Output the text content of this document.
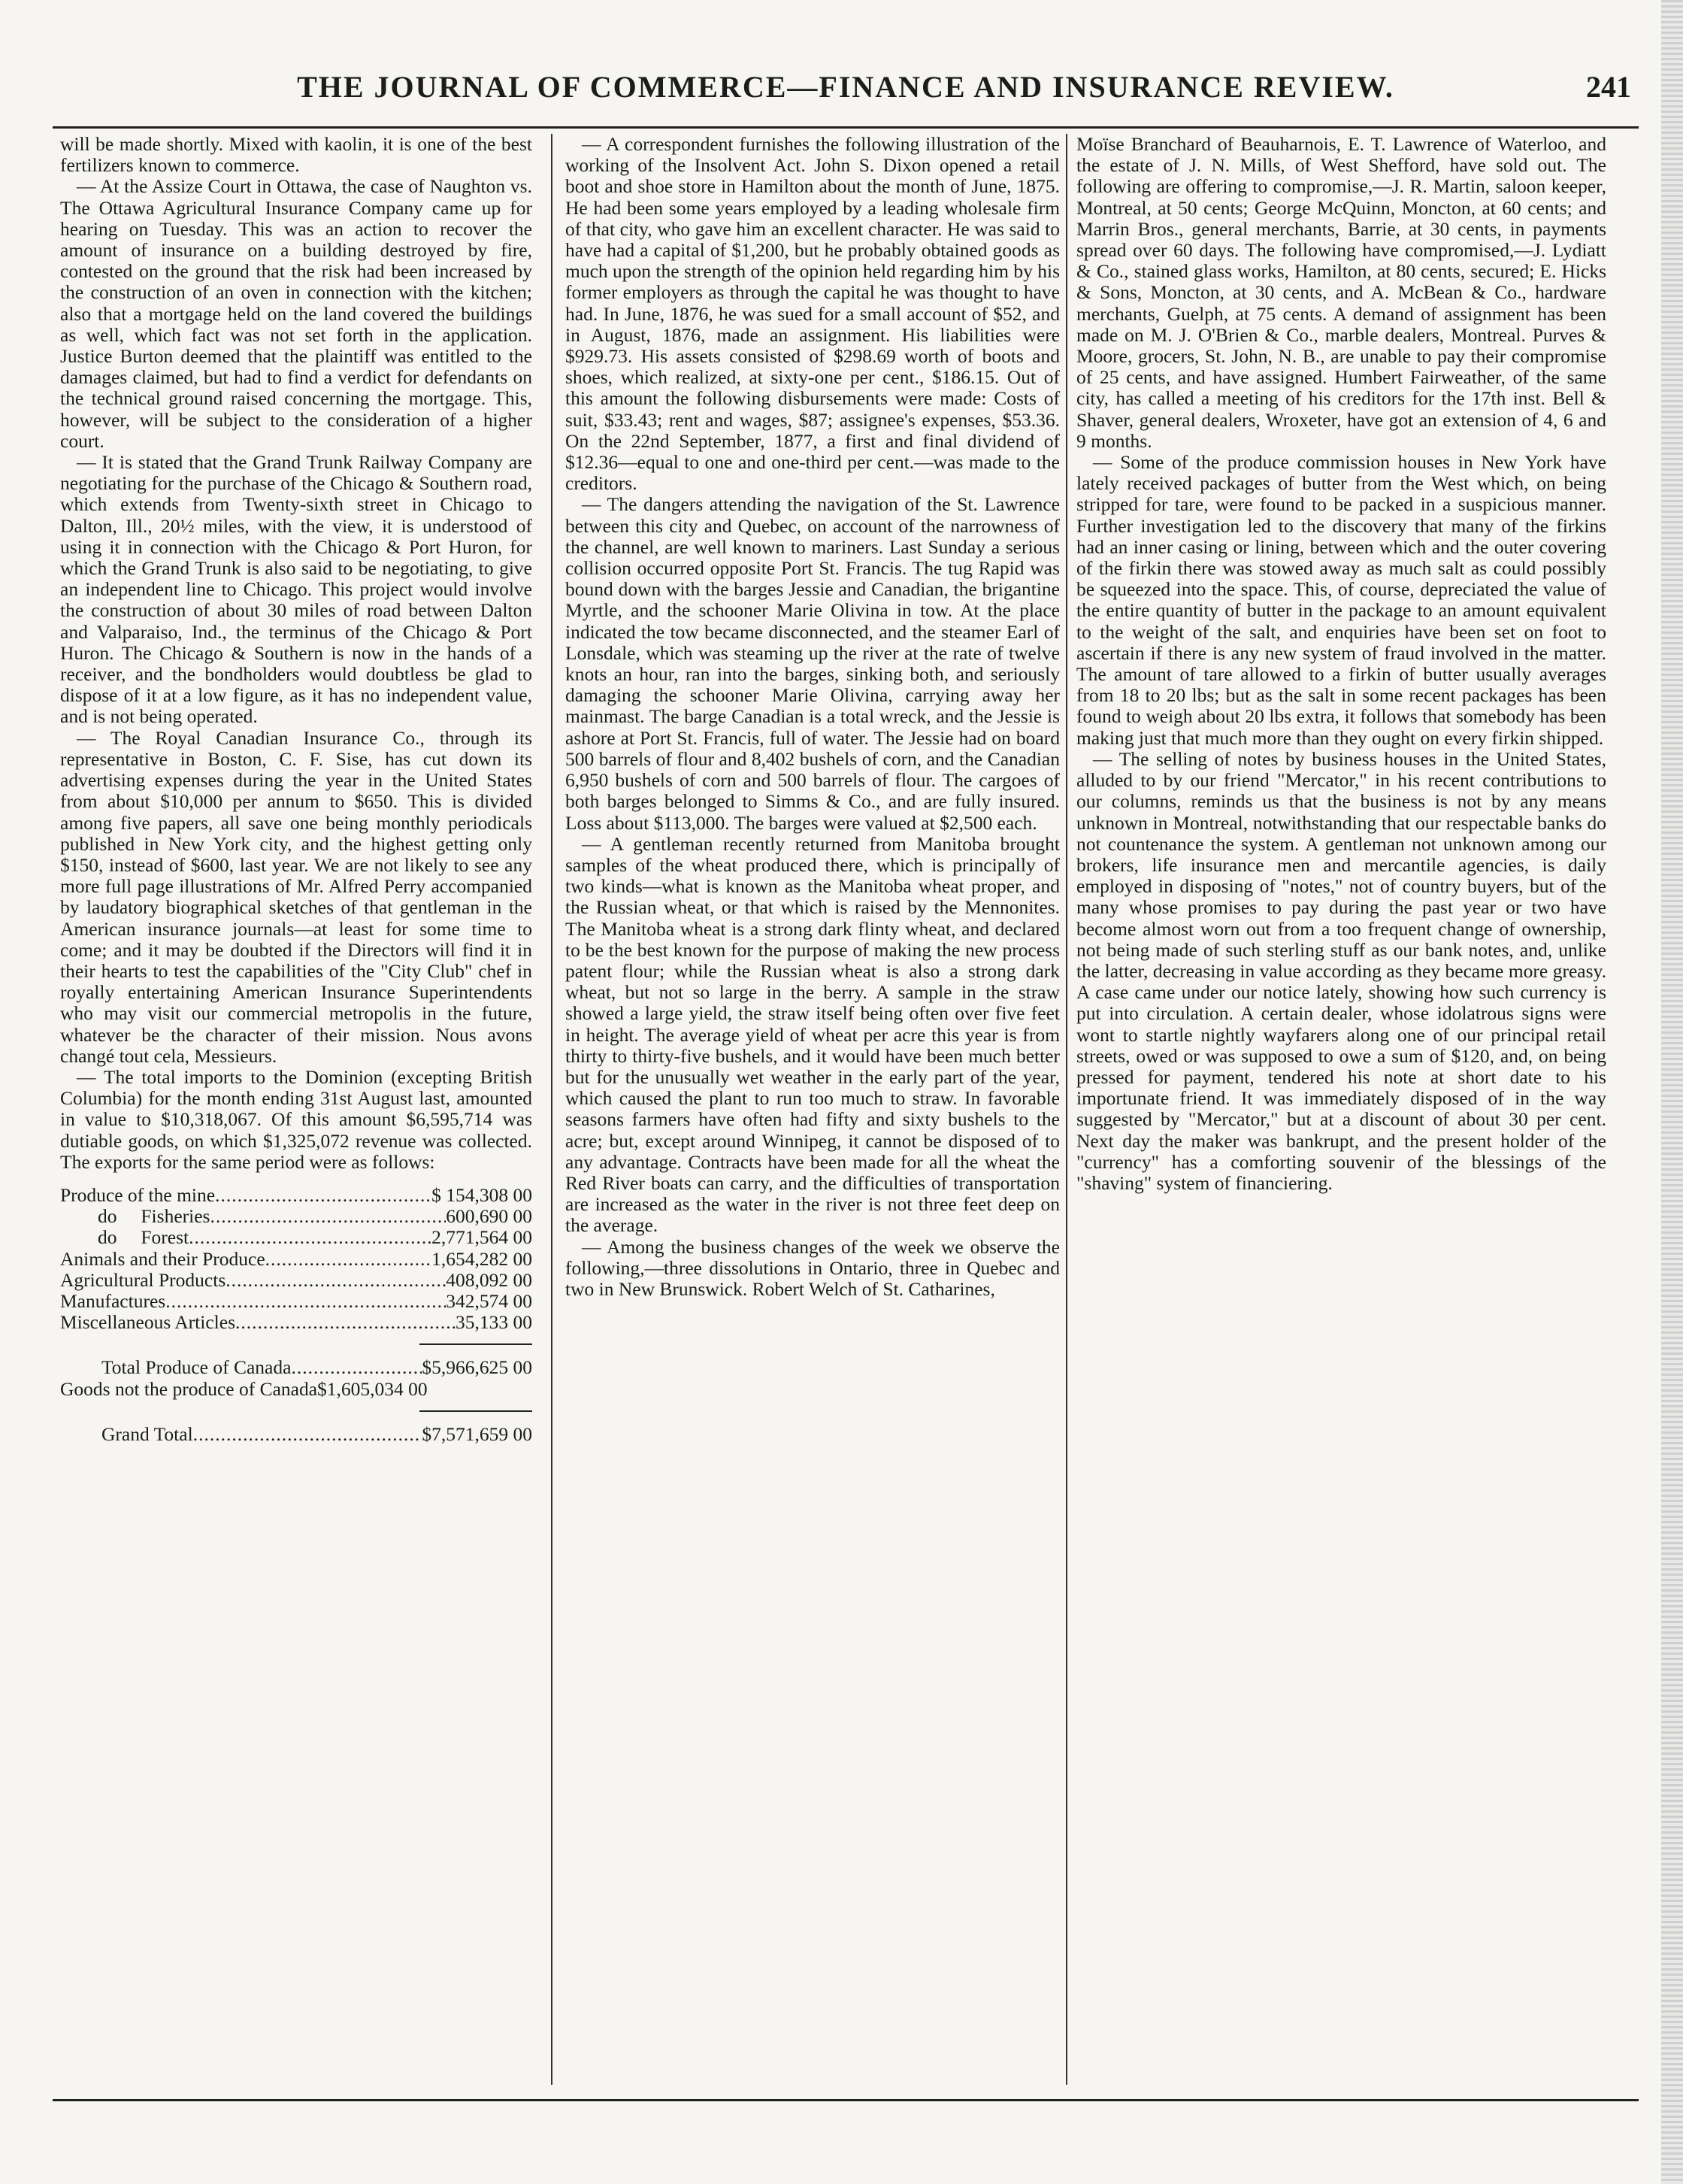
THE JOURNAL OF COMMERCE—FINANCE AND INSURANCE REVIEW.	241

will be made shortly. Mixed with kaolin, it is one of the best fertilizers known to commerce.

— At the Assize Court in Ottawa, the case of Naughton vs. The Ottawa Agricultural Insurance Company came up for hearing on Tuesday. This was an action to recover the amount of insurance on a building destroyed by fire, contested on the ground that the risk had been increased by the construction of an oven in connection with the kitchen; also that a mortgage held on the land covered the buildings as well, which fact was not set forth in the application. Justice Burton deemed that the plaintiff was entitled to the damages claimed, but had to find a verdict for defendants on the technical ground raised concerning the mortgage. This, however, will be subject to the consideration of a higher court.

— It is stated that the Grand Trunk Railway Company are negotiating for the purchase of the Chicago & Southern road, which extends from Twenty-sixth street in Chicago to Dalton, Ill., 20½ miles, with the view, it is understood of using it in connection with the Chicago & Port Huron, for which the Grand Trunk is also said to be negotiating, to give an independent line to Chicago. This project would involve the construction of about 30 miles of road between Dalton and Valparaiso, Ind., the terminus of the Chicago & Port Huron. The Chicago & Southern is now in the hands of a receiver, and the bondholders would doubtless be glad to dispose of it at a low figure, as it has no independent value, and is not being operated.

— The Royal Canadian Insurance Co., through its representative in Boston, C. F. Sise, has cut down its advertising expenses during the year in the United States from about $10,000 per annum to $650. This is divided among five papers, all save one being monthly periodicals published in New York city, and the highest getting only $150, instead of $600, last year. We are not likely to see any more full page illustrations of Mr. Alfred Perry accompanied by laudatory biographical sketches of that gentleman in the American insurance journals—at least for some time to come; and it may be doubted if the Directors will find it in their hearts to test the capabilities of the "City Club" chef in royally entertaining American Insurance Superintendents who may visit our commercial metropolis in the future, whatever be the character of their mission. Nous avons changé tout cela, Messieurs.

— The total imports to the Dominion (excepting British Columbia) for the month ending 31st August last, amounted in value to $10,318,067. Of this amount $6,595,714 was dutiable goods, on which $1,325,072 revenue was collected. The exports for the same period were as follows:

Produce of the mine .....	$ 154,308 00
do     Fisheries .....	600,690 00
do     Forest .....	2,771,564 00
Animals and their Produce .....	1,654,282 00
Agricultural Products .....	408,092 00
Manufactures .....	342,574 00
Miscellaneous Articles .....	35,133 00
Total Produce of Canada .....	$5,966,625 00
Goods not the produce of Canada $1,605,034 00
Grand Total .....	$7,571,659 00

— A correspondent furnishes the following illustration of the working of the Insolvent Act. John S. Dixon opened a retail boot and shoe store in Hamilton about the month of June, 1875. He had been some years employed by a leading wholesale firm of that city, who gave him an excellent character. He was said to have had a capital of $1,200, but he probably obtained goods as much upon the strength of the opinion held regarding him by his former employers as through the capital he was thought to have had. In June, 1876, he was sued for a small account of $52, and in August, 1876, made an assignment. His liabilities were $929.73. His assets consisted of $298.69 worth of boots and shoes, which realized, at sixty-one per cent., $186.15. Out of this amount the following disbursements were made: Costs of suit, $33.43; rent and wages, $87; assignee's expenses, $53.36. On the 22nd September, 1877, a first and final dividend of $12.36—equal to one and one-third per cent.—was made to the creditors.

— The dangers attending the navigation of the St. Lawrence between this city and Quebec, on account of the narrowness of the channel, are well known to mariners. Last Sunday a serious collision occurred opposite Port St. Francis. The tug Rapid was bound down with the barges Jessie and Canadian, the brigantine Myrtle, and the schooner Marie Olivina in tow. At the place indicated the tow became disconnected, and the steamer Earl of Lonsdale, which was steaming up the river at the rate of twelve knots an hour, ran into the barges, sinking both, and seriously damaging the schooner Marie Olivina, carrying away her mainmast. The barge Canadian is a total wreck, and the Jessie is ashore at Port St. Francis, full of water. The Jessie had on board 500 barrels of flour and 8,402 bushels of corn, and the Canadian 6,950 bushels of corn and 500 barrels of flour. The cargoes of both barges belonged to Simms & Co., and are fully insured. Loss about $113,000. The barges were valued at $2,500 each.

— A gentleman recently returned from Manitoba brought samples of the wheat produced there, which is principally of two kinds—what is known as the Manitoba wheat proper, and the Russian wheat, or that which is raised by the Mennonites. The Manitoba wheat is a strong dark flinty wheat, and declared to be the best known for the purpose of making the new process patent flour; while the Russian wheat is also a strong dark wheat, but not so large in the berry. A sample in the straw showed a large yield, the straw itself being often over five feet in height. The average yield of wheat per acre this year is from thirty to thirty-five bushels, and it would have been much better but for the unusually wet weather in the early part of the year, which caused the plant to run too much to straw. In favorable seasons farmers have often had fifty and sixty bushels to the acre; but, except around Winnipeg, it cannot be disposed of to any advantage. Contracts have been made for all the wheat the Red River boats can carry, and the difficulties of transportation are increased as the water in the river is not three feet deep on the average.

— Among the business changes of the week we observe the following,—three dissolutions in Ontario, three in Quebec and two in New Brunswick. Robert Welch of St. Catharines,

Moïse Branchard of Beauharnois, E. T. Lawrence of Waterloo, and the estate of J. N. Mills, of West Shefford, have sold out. The following are offering to compromise,—J. R. Martin, saloon keeper, Montreal, at 50 cents; George McQuinn, Moncton, at 60 cents; and Marrin Bros., general merchants, Barrie, at 30 cents, in payments spread over 60 days. The following have compromised,—J. Lydiatt & Co., stained glass works, Hamilton, at 80 cents, secured; E. Hicks & Sons, Moncton, at 30 cents, and A. McBean & Co., hardware merchants, Guelph, at 75 cents. A demand of assignment has been made on M. J. O'Brien & Co., marble dealers, Montreal. Purves & Moore, grocers, St. John, N. B., are unable to pay their compromise of 25 cents, and have assigned. Humbert Fairweather, of the same city, has called a meeting of his creditors for the 17th inst. Bell & Shaver, general dealers, Wroxeter, have got an extension of 4, 6 and 9 months.

— Some of the produce commission houses in New York have lately received packages of butter from the West which, on being stripped for tare, were found to be packed in a suspicious manner. Further investigation led to the discovery that many of the firkins had an inner casing or lining, between which and the outer covering of the firkin there was stowed away as much salt as could possibly be squeezed into the space. This, of course, depreciated the value of the entire quantity of butter in the package to an amount equivalent to the weight of the salt, and enquiries have been set on foot to ascertain if there is any new system of fraud involved in the matter. The amount of tare allowed to a firkin of butter usually averages from 18 to 20 lbs; but as the salt in some recent packages has been found to weigh about 20 lbs extra, it follows that somebody has been making just that much more than they ought on every firkin shipped.

— The selling of notes by business houses in the United States, alluded to by our friend "Mercator," in his recent contributions to our columns, reminds us that the business is not by any means unknown in Montreal, notwithstanding that our respectable banks do not countenance the system. A gentleman not unknown among our brokers, life insurance men and mercantile agencies, is daily employed in disposing of "notes," not of country buyers, but of the many whose promises to pay during the past year or two have become almost worn out from a too frequent change of ownership, not being made of such sterling stuff as our bank notes, and, unlike the latter, decreasing in value according as they became more greasy. A case came under our notice lately, showing how such currency is put into circulation. A certain dealer, whose idolatrous signs were wont to startle nightly wayfarers along one of our principal retail streets, owed or was supposed to owe a sum of $120, and, on being pressed for payment, tendered his note at short date to his importunate friend. It was immediately disposed of in the way suggested by "Mercator," but at a discount of about 30 per cent. Next day the maker was bankrupt, and the present holder of the "currency" has a comforting souvenir of the blessings of the "shaving" system of financiering.
